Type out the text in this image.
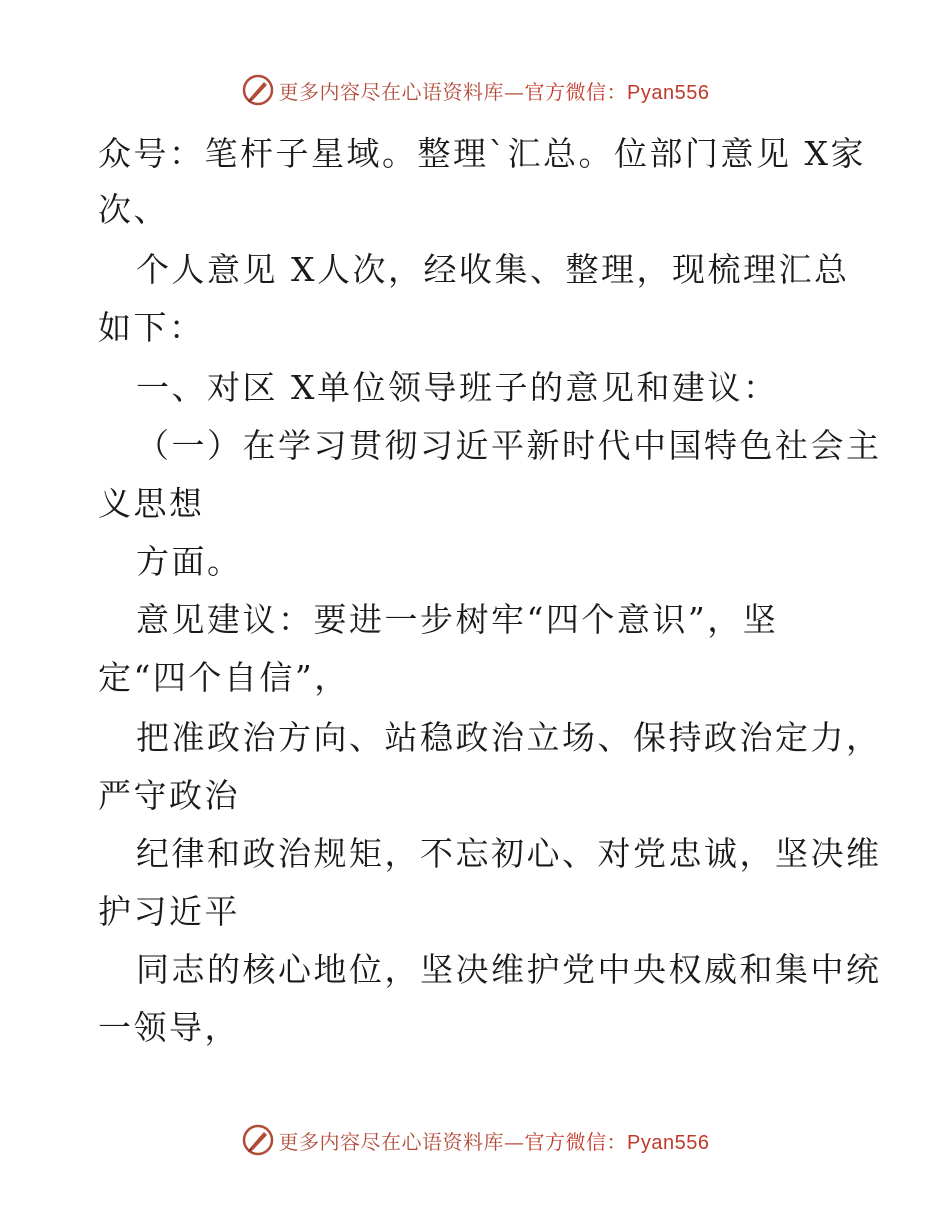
更多内容尽在心语资料库—官方微信：Pyan556
众号：笔杆子星域。整理`汇总。位部门意见 X家
次、
个人意见 X人次，经收集、整理，现梳理汇总
如下：
一、对区 X单位领导班子的意见和建议：
（一）在学习贯彻习近平新时代中国特色社会主
义思想
方面。
意见建议：要进一步树牢“四个意识”，坚
定“四个自信”，
把准政治方向、站稳政治立场、保持政治定力，
严守政治
纪律和政治规矩，不忘初心、对党忠诚，坚决维
护习近平
同志的核心地位，坚决维护党中央权威和集中统
一领导，
更多内容尽在心语资料库—官方微信：Pyan556
